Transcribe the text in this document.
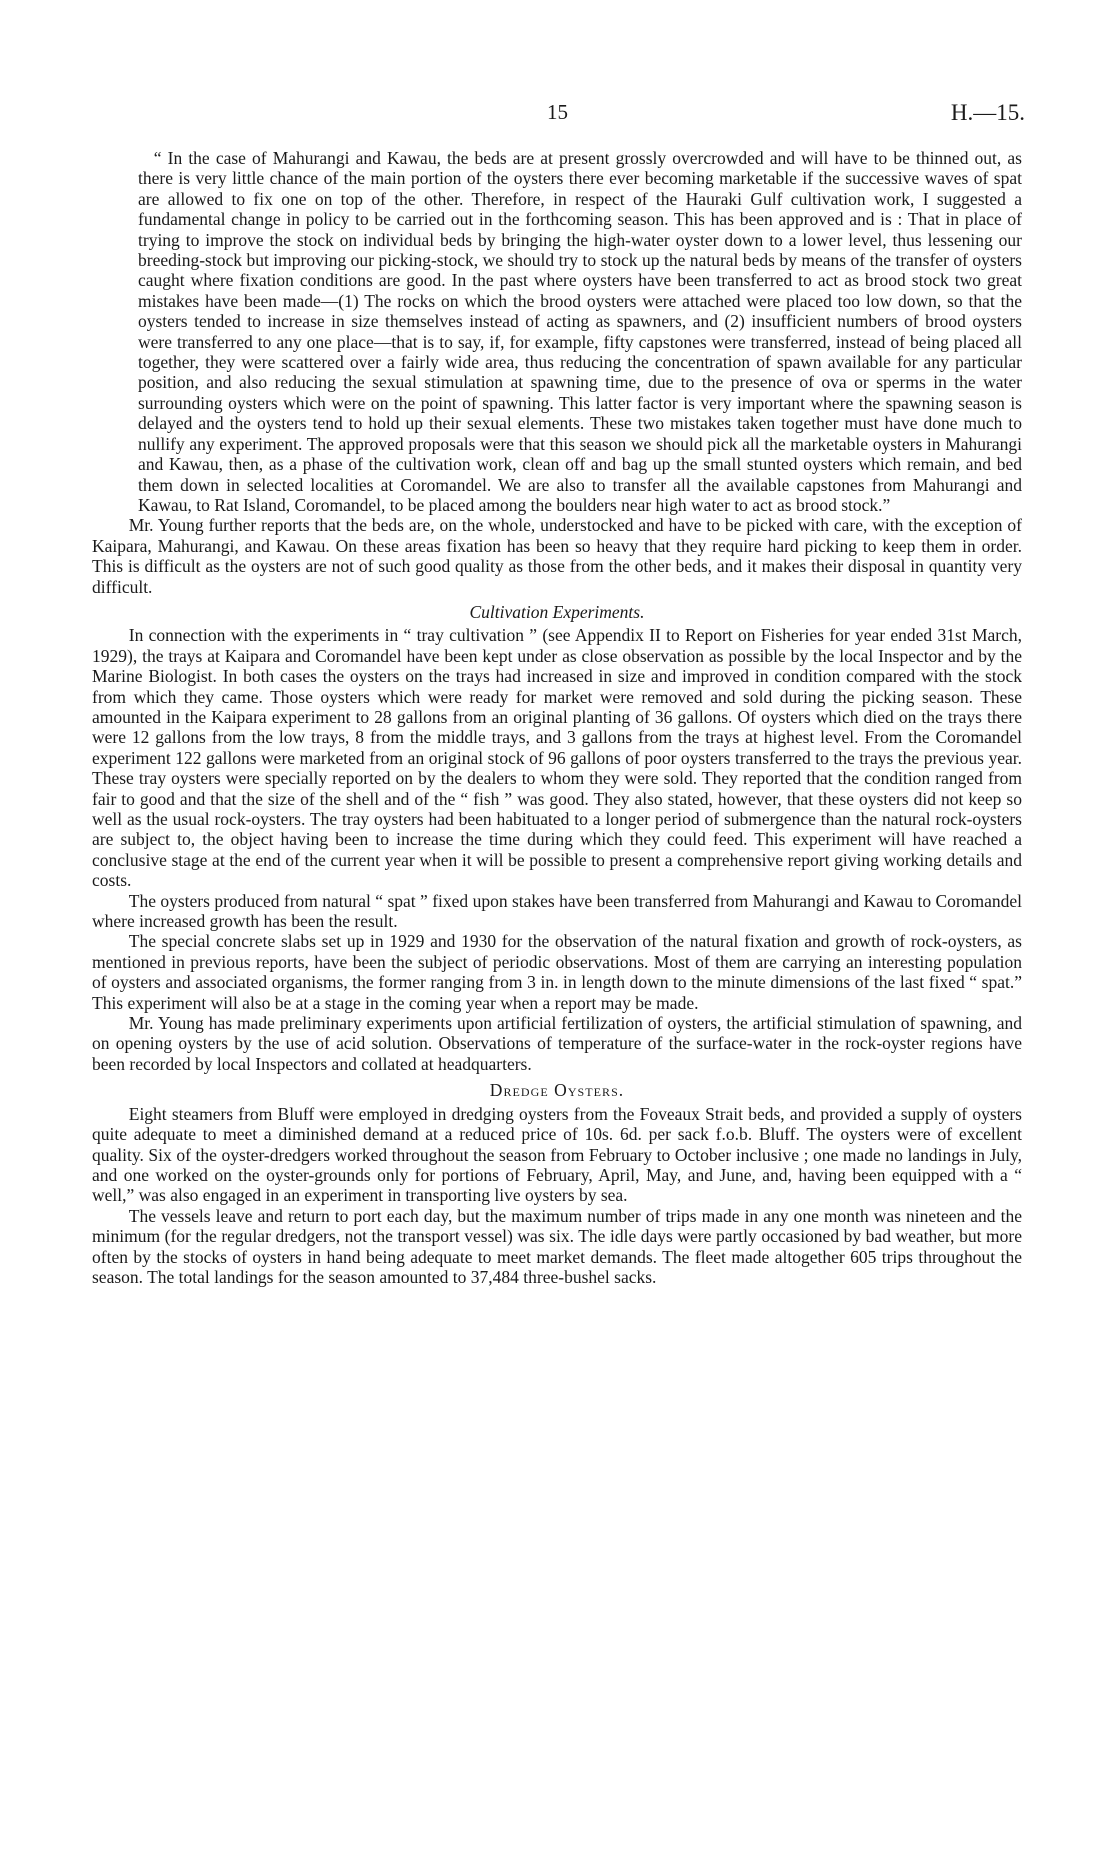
15	H.—15.

“ In the case of Mahurangi and Kawau, the beds are at present grossly overcrowded and will have to be thinned out, as there is very little chance of the main portion of the oysters there ever becoming marketable if the successive waves of spat are allowed to fix one on top of the other. Therefore, in respect of the Hauraki Gulf cultivation work, I suggested a fundamental change in policy to be carried out in the forthcoming season. This has been approved and is : That in place of trying to improve the stock on individual beds by bringing the high-water oyster down to a lower level, thus lessening our breeding-stock but improving our picking-stock, we should try to stock up the natural beds by means of the transfer of oysters caught where fixation conditions are good. In the past where oysters have been transferred to act as brood stock two great mistakes have been made—(1) The rocks on which the brood oysters were attached were placed too low down, so that the oysters tended to increase in size themselves instead of acting as spawners, and (2) insufficient numbers of brood oysters were transferred to any one place—that is to say, if, for example, fifty capstones were transferred, instead of being placed all together, they were scattered over a fairly wide area, thus reducing the concentration of spawn available for any particular position, and also reducing the sexual stimulation at spawning time, due to the presence of ova or sperms in the water surrounding oysters which were on the point of spawning. This latter factor is very important where the spawning season is delayed and the oysters tend to hold up their sexual elements. These two mistakes taken together must have done much to nullify any experiment. The approved proposals were that this season we should pick all the marketable oysters in Mahurangi and Kawau, then, as a phase of the cultivation work, clean off and bag up the small stunted oysters which remain, and bed them down in selected localities at Coromandel. We are also to transfer all the available capstones from Mahurangi and Kawau, to Rat Island, Coromandel, to be placed among the boulders near high water to act as brood stock.”

Mr. Young further reports that the beds are, on the whole, understocked and have to be picked with care, with the exception of Kaipara, Mahurangi, and Kawau. On these areas fixation has been so heavy that they require hard picking to keep them in order. This is difficult as the oysters are not of such good quality as those from the other beds, and it makes their disposal in quantity very difficult.

Cultivation Experiments.

In connection with the experiments in “ tray cultivation ” (see Appendix II to Report on Fisheries for year ended 31st March, 1929), the trays at Kaipara and Coromandel have been kept under as close observation as possible by the local Inspector and by the Marine Biologist. In both cases the oysters on the trays had increased in size and improved in condition compared with the stock from which they came. Those oysters which were ready for market were removed and sold during the picking season. These amounted in the Kaipara experiment to 28 gallons from an original planting of 36 gallons. Of oysters which died on the trays there were 12 gallons from the low trays, 8 from the middle trays, and 3 gallons from the trays at highest level. From the Coromandel experiment 122 gallons were marketed from an original stock of 96 gallons of poor oysters transferred to the trays the previous year. These tray oysters were specially reported on by the dealers to whom they were sold. They reported that the condition ranged from fair to good and that the size of the shell and of the “ fish ” was good. They also stated, however, that these oysters did not keep so well as the usual rock-oysters. The tray oysters had been habituated to a longer period of submergence than the natural rock-oysters are subject to, the object having been to increase the time during which they could feed. This experiment will have reached a conclusive stage at the end of the current year when it will be possible to present a comprehensive report giving working details and costs.

The oysters produced from natural “ spat ” fixed upon stakes have been transferred from Mahurangi and Kawau to Coromandel where increased growth has been the result.

The special concrete slabs set up in 1929 and 1930 for the observation of the natural fixation and growth of rock-oysters, as mentioned in previous reports, have been the subject of periodic observations. Most of them are carrying an interesting population of oysters and associated organisms, the former ranging from 3 in. in length down to the minute dimensions of the last fixed “ spat.” This experiment will also be at a stage in the coming year when a report may be made.

Mr. Young has made preliminary experiments upon artificial fertilization of oysters, the artificial stimulation of spawning, and on opening oysters by the use of acid solution. Observations of temperature of the surface-water in the rock-oyster regions have been recorded by local Inspectors and collated at headquarters.

Dredge Oysters.

Eight steamers from Bluff were employed in dredging oysters from the Foveaux Strait beds, and provided a supply of oysters quite adequate to meet a diminished demand at a reduced price of 10s. 6d. per sack f.o.b. Bluff. The oysters were of excellent quality. Six of the oyster-dredgers worked throughout the season from February to October inclusive ; one made no landings in July, and one worked on the oyster-grounds only for portions of February, April, May, and June, and, having been equipped with a “ well,” was also engaged in an experiment in transporting live oysters by sea.

The vessels leave and return to port each day, but the maximum number of trips made in any one month was nineteen and the minimum (for the regular dredgers, not the transport vessel) was six. The idle days were partly occasioned by bad weather, but more often by the stocks of oysters in hand being adequate to meet market demands. The fleet made altogether 605 trips throughout the season. The total landings for the season amounted to 37,484 three-bushel sacks.
